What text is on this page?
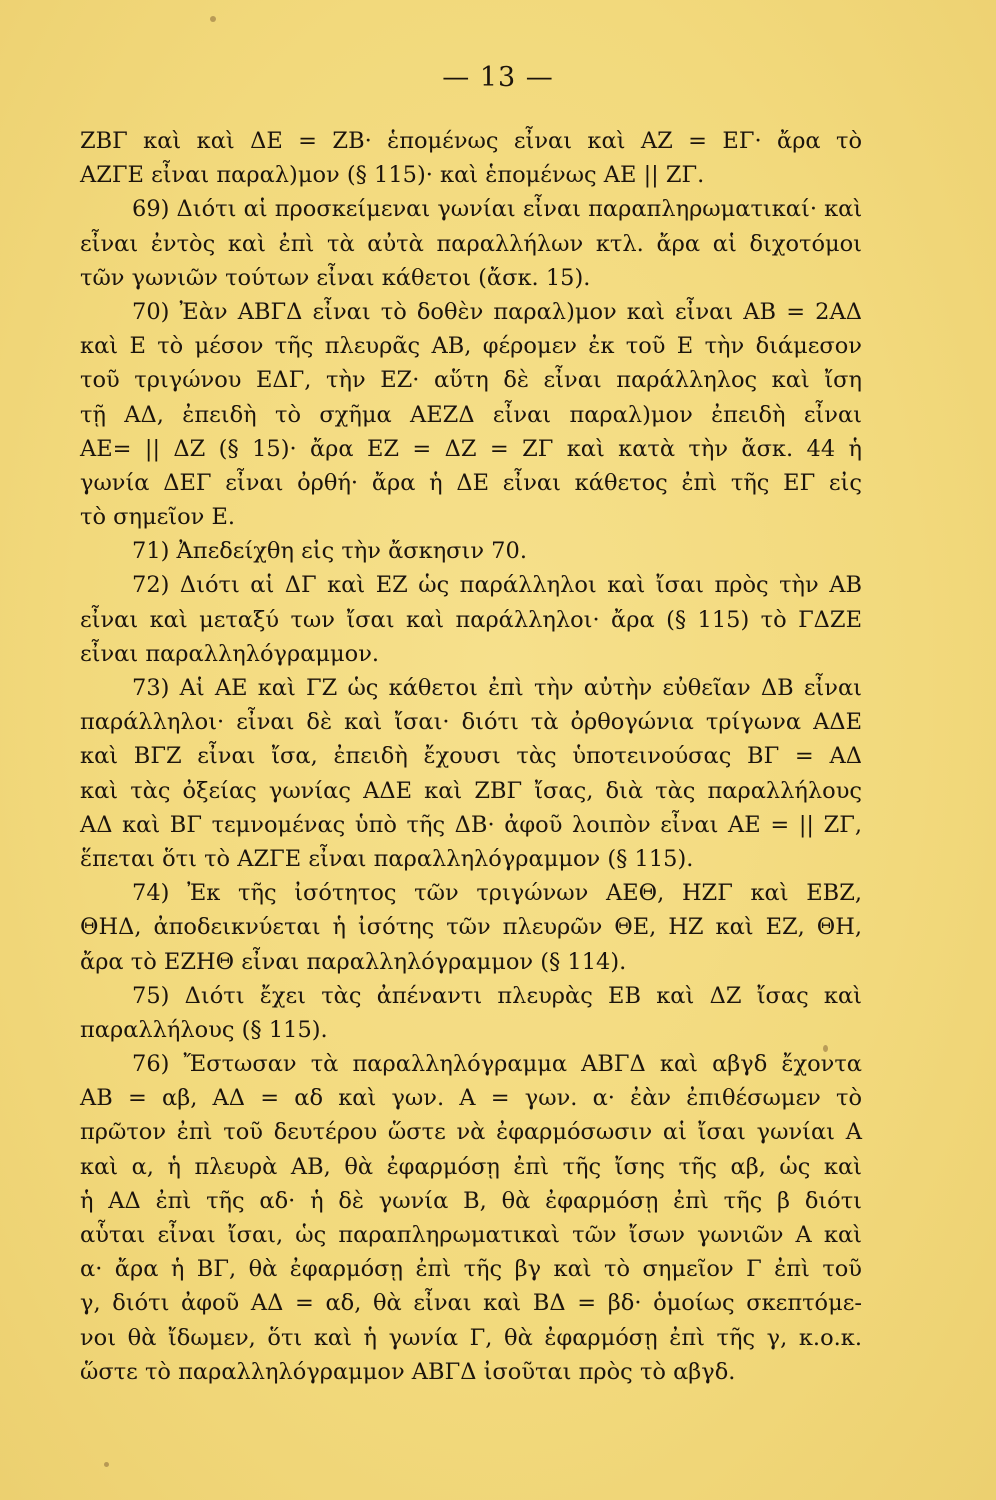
— 13 —
ΖΒΓ καὶ καὶ ΔΕ = ΖΒ· ἑπομένως εἶναι καὶ ΑΖ = ΕΓ· ἄρα τὸ
ΑΖΓΕ εἶναι παραλ)μον (§ 115)· καὶ ἑπομένως ΑΕ || ΖΓ.
69) Διότι αἱ προσκείμεναι γωνίαι εἶναι παραπληρωματικαί· καὶ
εἶναι ἐντὸς καὶ ἐπὶ τὰ αὐτὰ παραλλήλων κτλ. ἄρα αἱ διχοτόμοι
τῶν γωνιῶν τούτων εἶναι κάθετοι (ἄσκ. 15).
70) Ἐὰν ΑΒΓΔ εἶναι τὸ δοθὲν παραλ)μον καὶ εἶναι ΑΒ = 2ΑΔ
καὶ Ε τὸ μέσον τῆς πλευρᾶς ΑΒ, φέρομεν ἐκ τοῦ Ε τὴν διάμεσον
τοῦ τριγώνου ΕΔΓ, τὴν ΕΖ· αὕτη δὲ εἶναι παράλληλος καὶ ἴση
τῇ ΑΔ, ἐπειδὴ τὸ σχῆμα ΑΕΖΔ εἶναι παραλ)μον ἐπειδὴ εἶναι
ΑΕ= || ΔΖ (§ 15)· ἄρα ΕΖ = ΔΖ = ΖΓ καὶ κατὰ τὴν ἄσκ. 44 ἡ
γωνία ΔΕΓ εἶναι ὀρθή· ἄρα ἡ ΔΕ εἶναι κάθετος ἐπὶ τῆς ΕΓ εἰς
τὸ σημεῖον Ε.
71) Ἀπεδείχθη εἰς τὴν ἄσκησιν 70.
72) Διότι αἱ ΔΓ καὶ ΕΖ ὡς παράλληλοι καὶ ἴσαι πρὸς τὴν ΑΒ
εἶναι καὶ μεταξύ των ἴσαι καὶ παράλληλοι· ἄρα (§ 115) τὸ ΓΔΖΕ
εἶναι παραλληλόγραμμον.
73) Αἱ ΑΕ καὶ ΓΖ ὡς κάθετοι ἐπὶ τὴν αὐτὴν εὐθεῖαν ΔΒ εἶναι
παράλληλοι· εἶναι δὲ καὶ ἴσαι· διότι τὰ ὀρθογώνια τρίγωνα ΑΔΕ
καὶ ΒΓΖ εἶναι ἴσα, ἐπειδὴ ἔχουσι τὰς ὑποτεινούσας ΒΓ = ΑΔ
καὶ τὰς ὀξείας γωνίας ΑΔΕ καὶ ΖΒΓ ἴσας, διὰ τὰς παραλλήλους
ΑΔ καὶ ΒΓ τεμνομένας ὑπὸ τῆς ΔΒ· ἀφοῦ λοιπὸν εἶναι ΑΕ = || ΖΓ,
ἕπεται ὅτι τὸ ΑΖΓΕ εἶναι παραλληλόγραμμον (§ 115).
74) Ἐκ τῆς ἰσότητος τῶν τριγώνων ΑΕΘ, ΗΖΓ καὶ ΕΒΖ,
ΘΗΔ, ἀποδεικνύεται ἡ ἰσότης τῶν πλευρῶν ΘΕ, ΗΖ καὶ ΕΖ, ΘΗ,
ἄρα τὸ ΕΖΗΘ εἶναι παραλληλόγραμμον (§ 114).
75) Διότι ἔχει τὰς ἀπέναντι πλευρὰς ΕΒ καὶ ΔΖ ἴσας καὶ
παραλλήλους (§ 115).
76) Ἔστωσαν τὰ παραλληλόγραμμα ΑΒΓΔ καὶ αβγδ ἔχοντα
ΑΒ = αβ, ΑΔ = αδ καὶ γων. Α = γων. α· ἐὰν ἐπιθέσωμεν τὸ
πρῶτον ἐπὶ τοῦ δευτέρου ὥστε νὰ ἐφαρμόσωσιν αἱ ἴσαι γωνίαι Α
καὶ α, ἡ πλευρὰ ΑΒ, θὰ ἐφαρμόσῃ ἐπὶ τῆς ἴσης τῆς αβ, ὡς καὶ
ἡ ΑΔ ἐπὶ τῆς αδ· ἡ δὲ γωνία Β, θὰ ἐφαρμόσῃ ἐπὶ τῆς β διότι
αὗται εἶναι ἴσαι, ὡς παραπληρωματικαὶ τῶν ἴσων γωνιῶν Α καὶ
α· ἄρα ἡ ΒΓ, θὰ ἐφαρμόσῃ ἐπὶ τῆς βγ καὶ τὸ σημεῖον Γ ἐπὶ τοῦ
γ, διότι ἀφοῦ ΑΔ = αδ, θὰ εἶναι καὶ ΒΔ = βδ· ὁμοίως σκεπτόμε-
νοι θὰ ἴδωμεν, ὅτι καὶ ἡ γωνία Γ, θὰ ἐφαρμόσῃ ἐπὶ τῆς γ, κ.ο.κ.
ὥστε τὸ παραλληλόγραμμον ΑΒΓΔ ἰσοῦται πρὸς τὸ αβγδ.
